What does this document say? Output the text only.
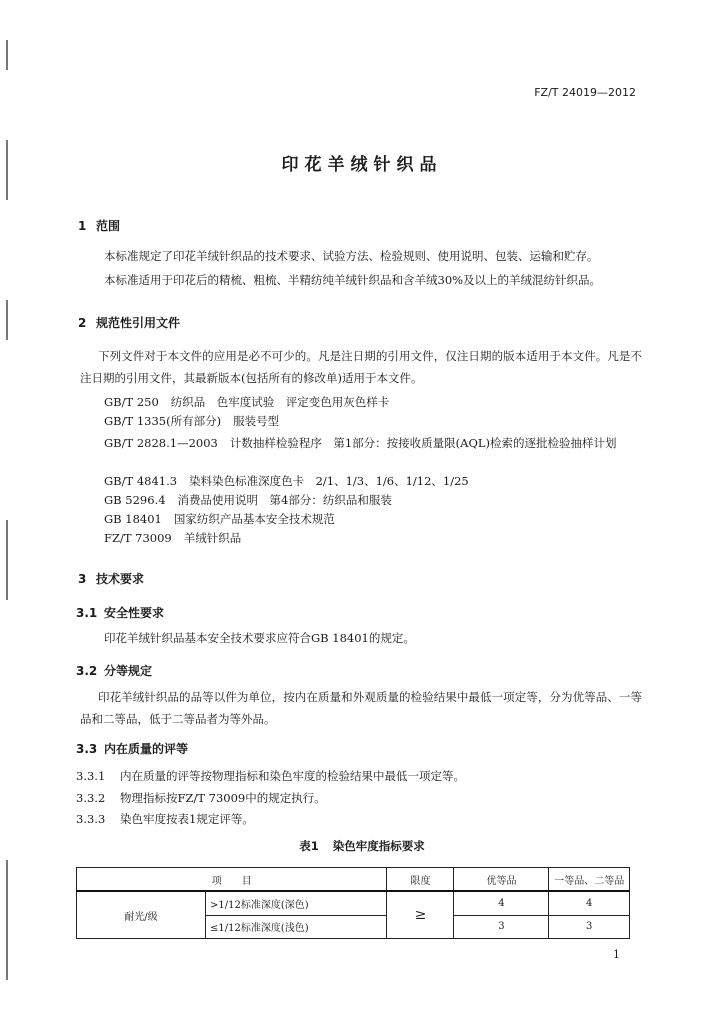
FZ/T 24019—2012
印花羊绒针织品
1 范围
本标准规定了印花羊绒针织品的技术要求、试验方法、检验规则、使用说明、包装、运输和贮存。
本标准适用于印花后的精梳、粗梳、半精纺纯羊绒针织品和含羊绒30%及以上的羊绒混纺针织品。
2 规范性引用文件
下列文件对于本文件的应用是必不可少的。凡是注日期的引用文件，仅注日期的版本适用于本文件。凡是不注日期的引用文件，其最新版本(包括所有的修改单)适用于本文件。
GB/T 250 纺织品　色牢度试验　评定变色用灰色样卡
GB/T 1335(所有部分) 服装号型
GB/T 2828.1—2003 计数抽样检验程序　第1部分：按接收质量限(AQL)检索的逐批检验抽样计划
GB/T 4841.3 染料染色标准深度色卡　2/1、1/3、1/6、1/12、1/25
GB 5296.4 消费品使用说明　第4部分：纺织品和服装
GB 18401 国家纺织产品基本安全技术规范
FZ/T 73009 羊绒针织品
3 技术要求
3.1 安全性要求
印花羊绒针织品基本安全技术要求应符合GB 18401的规定。
3.2 分等规定
印花羊绒针织品的品等以件为单位，按内在质量和外观质量的检验结果中最低一项定等，分为优等品、一等品和二等品，低于二等品者为等外品。
3.3 内在质量的评等
3.3.1 内在质量的评等按物理指标和染色牢度的检验结果中最低一项定等。
3.3.2 物理指标按FZ/T 73009中的规定执行。
3.3.3 染色牢度按表1规定评等。
表1 染色牢度指标要求
项　　目		限度	优等品	一等品、二等品
耐光/级	>1/12标准深度(深色)	≥	4	4
	≤1/12标准深度(浅色)		3	3
1
